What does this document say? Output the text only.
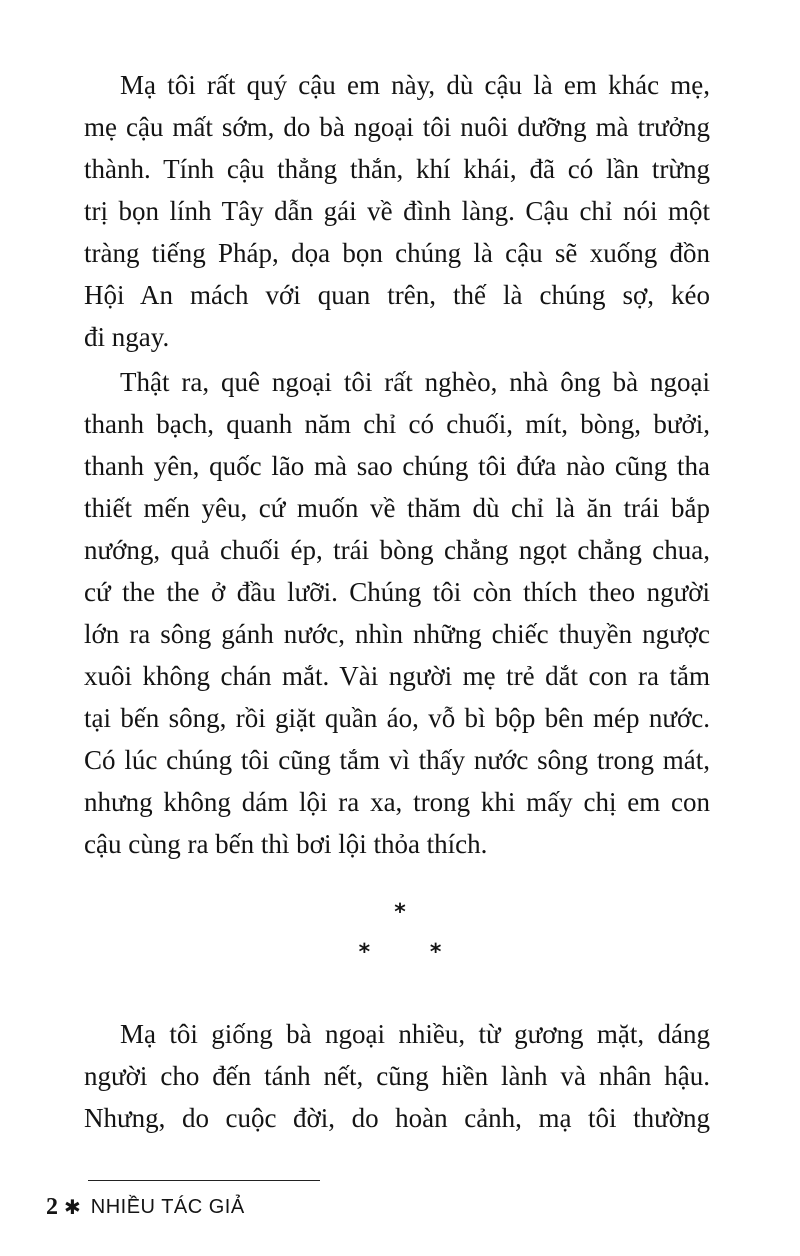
Mạ tôi rất quý cậu em này, dù cậu là em khác mẹ,
mẹ cậu mất sớm, do bà ngoại tôi nuôi dưỡng mà trưởng
thành. Tính cậu thẳng thắn, khí khái, đã có lần trừng
trị bọn lính Tây dẫn gái về đình làng. Cậu chỉ nói một
tràng tiếng Pháp, dọa bọn chúng là cậu sẽ xuống đồn
Hội An mách với quan trên, thế là chúng sợ, kéo
đi ngay.
Thật ra, quê ngoại tôi rất nghèo, nhà ông bà ngoại
thanh bạch, quanh năm chỉ có chuối, mít, bòng, bưởi,
thanh yên, quốc lão mà sao chúng tôi đứa nào cũng tha
thiết mến yêu, cứ muốn về thăm dù chỉ là ăn trái bắp
nướng, quả chuối ép, trái bòng chẳng ngọt chẳng chua,
cứ the the ở đầu lưỡi. Chúng tôi còn thích theo người
lớn ra sông gánh nước, nhìn những chiếc thuyền ngược
xuôi không chán mắt. Vài người mẹ trẻ dắt con ra tắm
tại bến sông, rồi giặt quần áo, vỗ bì bộp bên mép nước.
Có lúc chúng tôi cũng tắm vì thấy nước sông trong mát,
nhưng không dám lội ra xa, trong khi mấy chị em con
cậu cùng ra bến thì bơi lội thỏa thích.
*
* *
Mạ tôi giống bà ngoại nhiều, từ gương mặt, dáng
người cho đến tánh nết, cũng hiền lành và nhân hậu.
Nhưng, do cuộc đời, do hoàn cảnh, mạ tôi thường
2 ✱ NHIỀU TÁC GIẢ
